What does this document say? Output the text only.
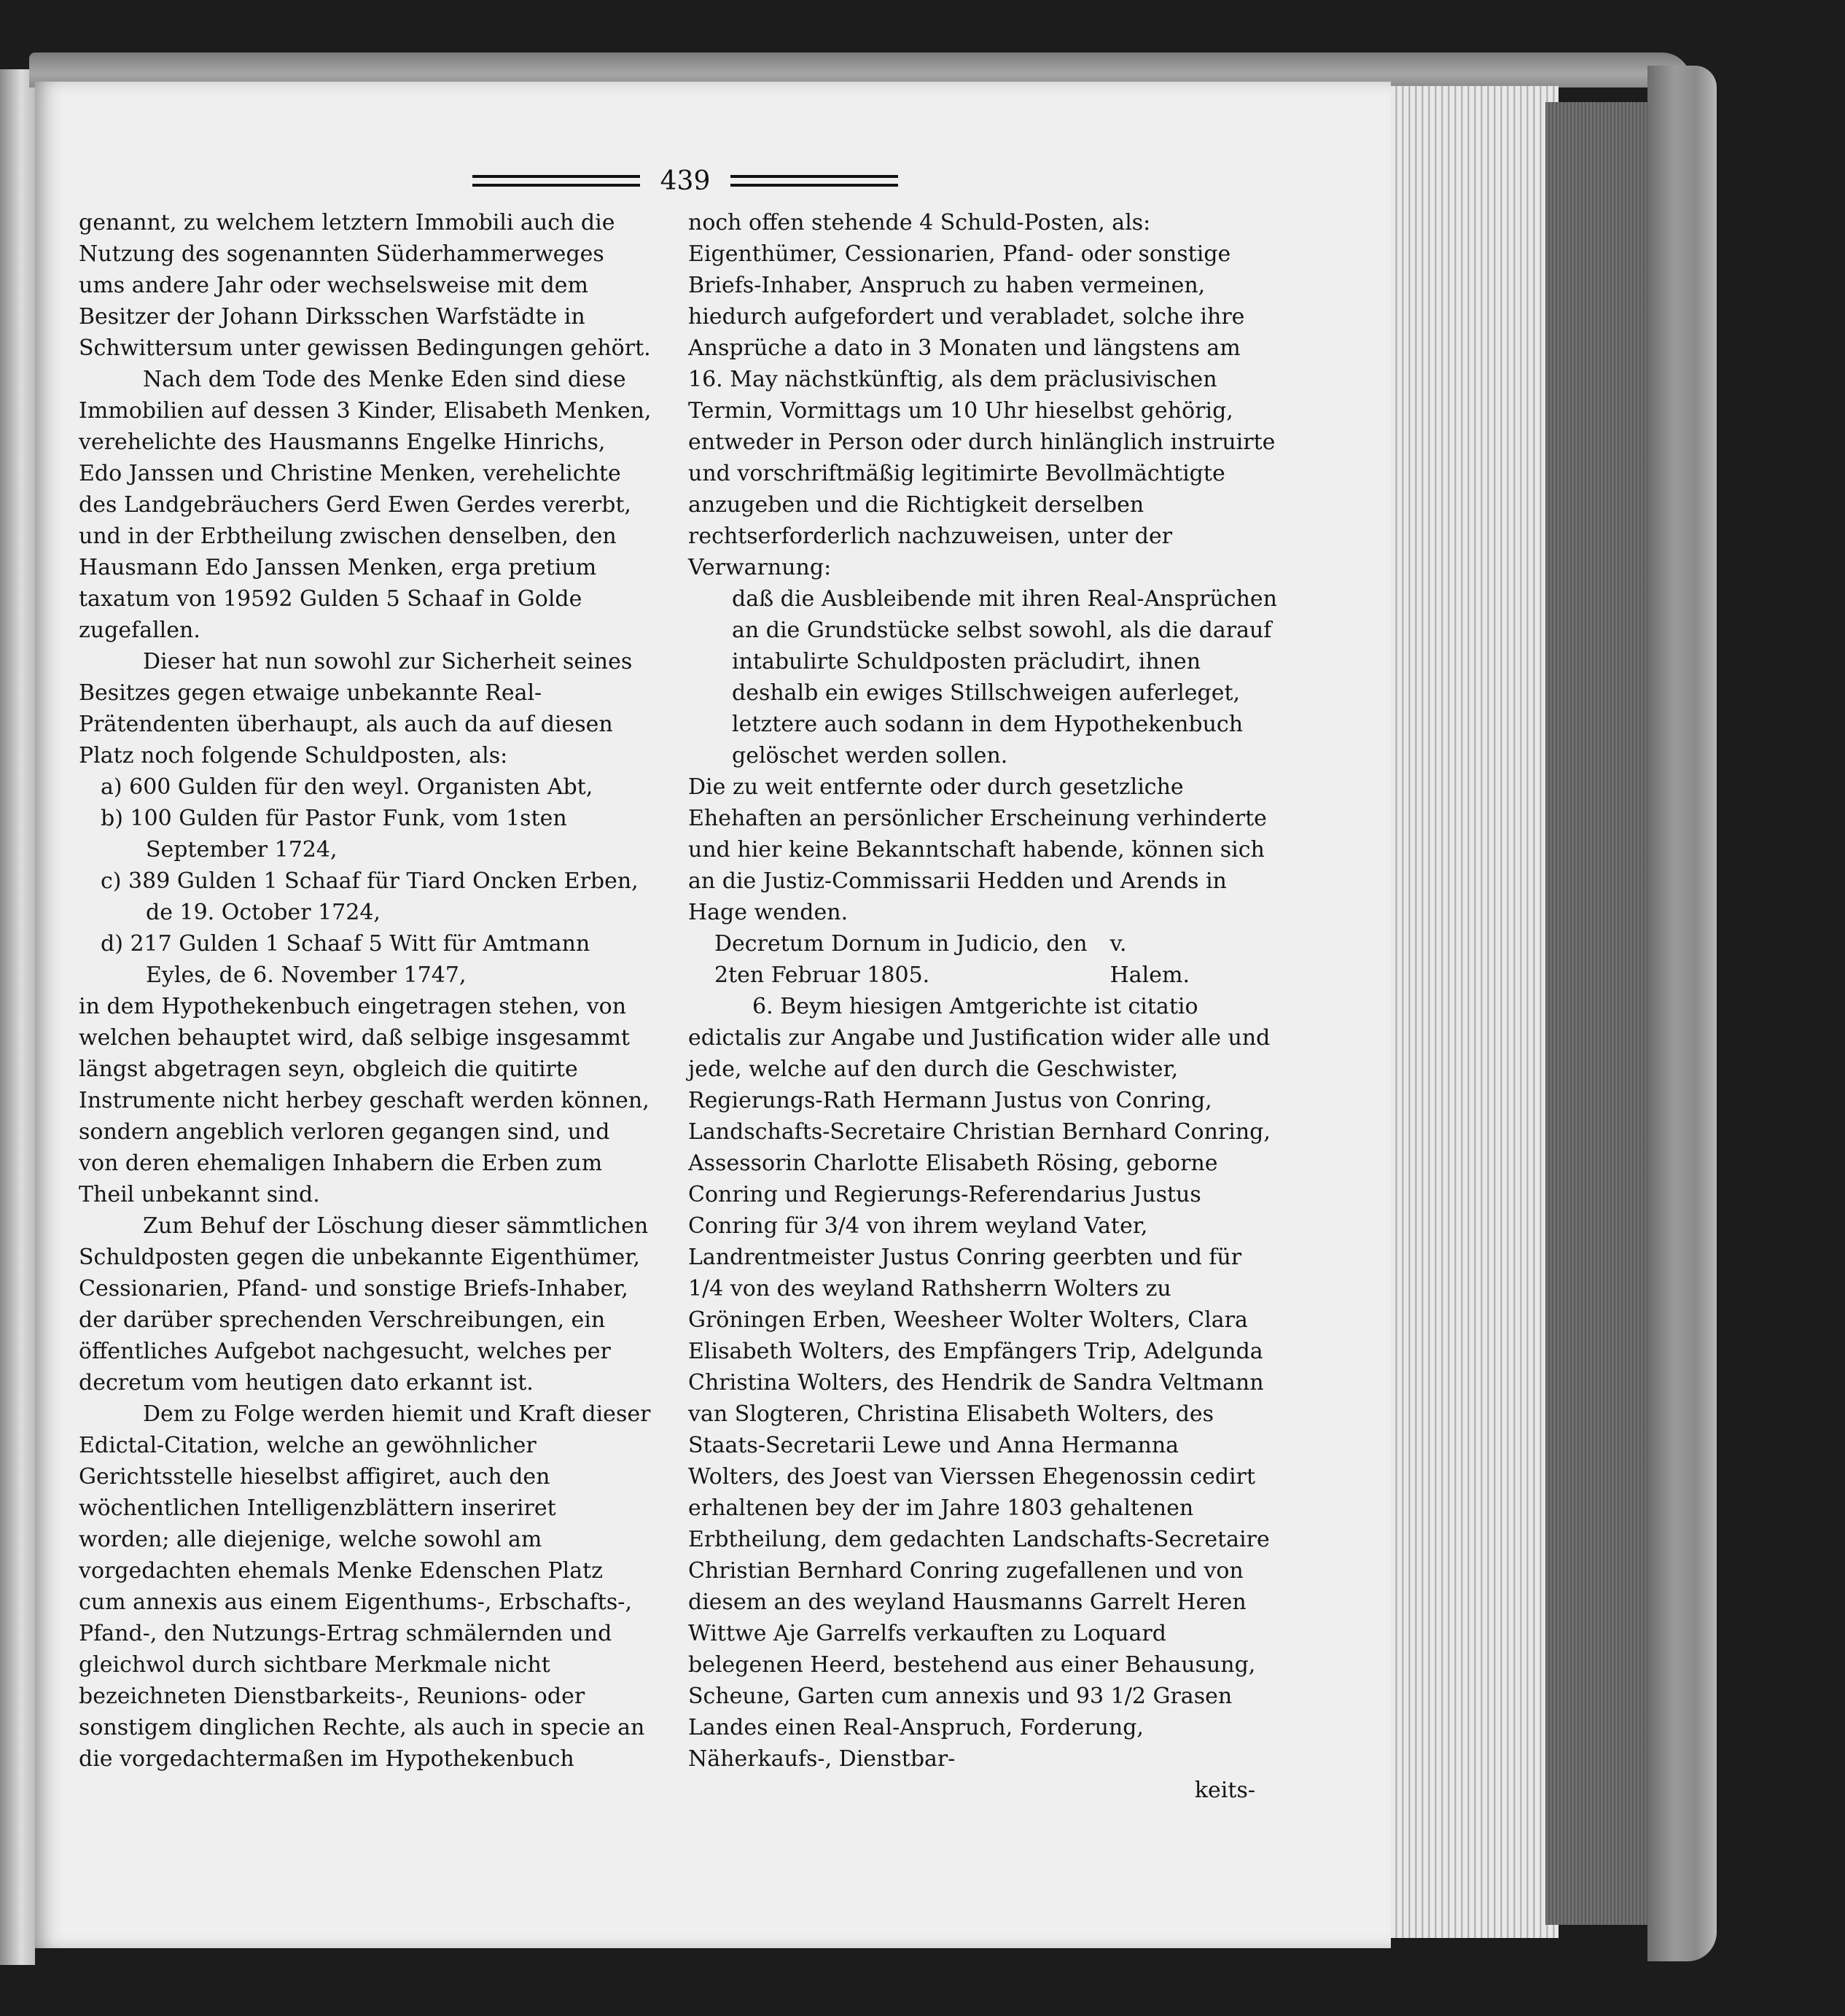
439

genannt, zu welchem letztern Immobili auch die Nutzung des sogenannten Süderhammerweges ums andere Jahr oder wechselsweise mit dem Besitzer der Johann Dirksschen Warfstädte in Schwittersum unter gewissen Bedingungen gehört.

Nach dem Tode des Menke Eden sind diese Immobilien auf dessen 3 Kinder, Elisabeth Menken, verehelichte des Hausmanns Engelke Hinrichs, Edo Janssen und Christine Menken, verehelichte des Landgebräuchers Gerd Ewen Gerdes vererbt, und in der Erbtheilung zwischen denselben, den Hausmann Edo Janssen Menken, erga pretium taxatum von 19592 Gulden 5 Schaaf in Golde zugefallen.

Dieser hat nun sowohl zur Sicherheit seines Besitzes gegen etwaige unbekannte Real-Prätendenten überhaupt, als auch da auf diesen Platz noch folgende Schuldposten, als:

a) 600 Gulden für den weyl. Organisten Abt,

b) 100 Gulden für Pastor Funk, vom 1sten September 1724,

c) 389 Gulden 1 Schaaf für Tiard Oncken Erben, de 19. October 1724,

d) 217 Gulden 1 Schaaf 5 Witt für Amtmann Eyles, de 6. November 1747,

in dem Hypothekenbuch eingetragen stehen, von welchen behauptet wird, daß selbige insgesammt längst abgetragen seyn, obgleich die quitirte Instrumente nicht herbey geschaft werden können, sondern angeblich verloren gegangen sind, und von deren ehemaligen Inhabern die Erben zum Theil unbekannt sind.

Zum Behuf der Löschung dieser sämmtlichen Schuldposten gegen die unbekannte Eigenthümer, Cessionarien, Pfand- und sonstige Briefs-Inhaber, der darüber sprechenden Verschreibungen, ein öffentliches Aufgebot nachgesucht, welches per decretum vom heutigen dato erkannt ist.

Dem zu Folge werden hiemit und Kraft dieser Edictal-Citation, welche an gewöhnlicher Gerichtsstelle hieselbst affigiret, auch den wöchentlichen Intelligenzblättern inseriret worden; alle diejenige, welche sowohl am vorgedachten ehemals Menke Edenschen Platz cum annexis aus einem Eigenthums-, Erbschafts-, Pfand-, den Nutzungs-Ertrag schmälernden und gleichwol durch sichtbare Merkmale nicht bezeichneten Dienstbarkeits-, Reunions- oder sonstigem dinglichen Rechte, als auch in specie an die vorgedachtermaßen im Hypothekenbuch

noch offen stehende 4 Schuld-Posten, als: Eigenthümer, Cessionarien, Pfand- oder sonstige Briefs-Inhaber, Anspruch zu haben vermeinen, hiedurch aufgefordert und verabladet, solche ihre Ansprüche a dato in 3 Monaten und längstens am 16. May nächstkünftig, als dem präclusivischen Termin, Vormittags um 10 Uhr hieselbst gehörig, entweder in Person oder durch hinlänglich instruirte und vorschriftmäßig legitimirte Bevollmächtigte anzugeben und die Richtigkeit derselben rechtserforderlich nachzuweisen, unter der Verwarnung:

daß die Ausbleibende mit ihren Real-Ansprüchen an die Grundstücke selbst sowohl, als die darauf intabulirte Schuldposten präcludirt, ihnen deshalb ein ewiges Stillschweigen auferleget, letztere auch sodann in dem Hypothekenbuch gelöschet werden sollen.

Die zu weit entfernte oder durch gesetzliche Ehehaften an persönlicher Erscheinung verhinderte und hier keine Bekanntschaft habende, können sich an die Justiz-Commissarii Hedden und Arends in Hage wenden.

Decretum Dornum in Judicio, den 2ten Februar 1805.
v. Halem.

6. Beym hiesigen Amtgerichte ist citatio edictalis zur Angabe und Justification wider alle und jede, welche auf den durch die Geschwister, Regierungs-Rath Hermann Justus von Conring, Landschafts-Secretaire Christian Bernhard Conring, Assessorin Charlotte Elisabeth Rösing, geborne Conring und Regierungs-Referendarius Justus Conring für 3/4 von ihrem weyland Vater, Landrentmeister Justus Conring geerbten und für 1/4 von des weyland Rathsherrn Wolters zu Gröningen Erben, Weesheer Wolter Wolters, Clara Elisabeth Wolters, des Empfängers Trip, Adelgunda Christina Wolters, des Hendrik de Sandra Veltmann van Slogteren, Christina Elisabeth Wolters, des Staats-Secretarii Lewe und Anna Hermanna Wolters, des Joest van Vierssen Ehegenossin cedirt erhaltenen bey der im Jahre 1803 gehaltenen Erbtheilung, dem gedachten Landschafts-Secretaire Christian Bernhard Conring zugefallenen und von diesem an des weyland Hausmanns Garrelt Heren Wittwe Aje Garrelfs verkauften zu Loquard belegenen Heerd, bestehend aus einer Behausung, Scheune, Garten cum annexis und 93 1/2 Grasen Landes einen Real-Anspruch, Forderung, Näherkaufs-, Dienstbar-

keits-
